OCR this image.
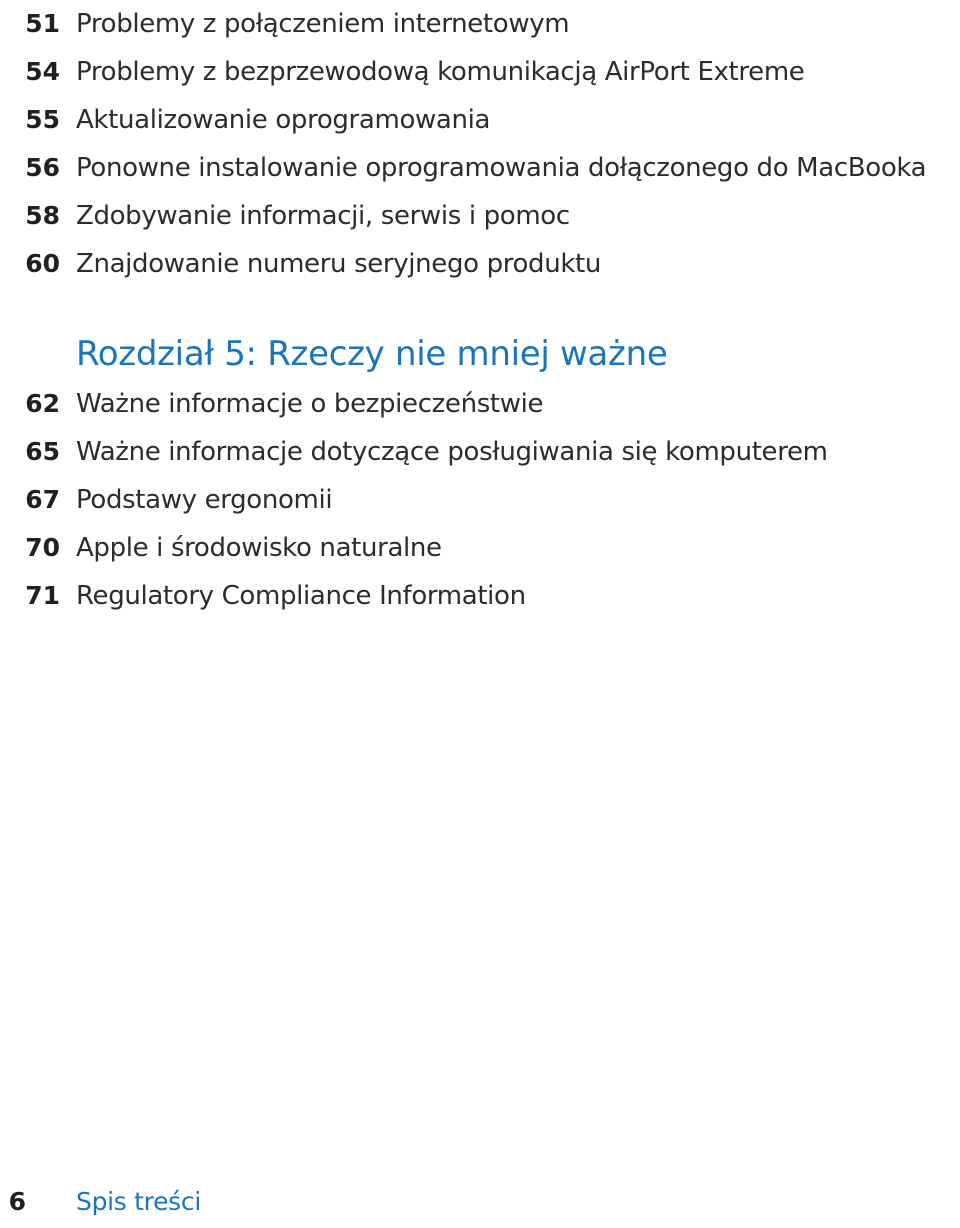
51 Problemy z połączeniem internetowym
54 Problemy z bezprzewodową komunikacją AirPort Extreme
55 Aktualizowanie oprogramowania
56 Ponowne instalowanie oprogramowania dołączonego do MacBooka
58 Zdobywanie informacji, serwis i pomoc
60 Znajdowanie numeru seryjnego produktu
Rozdział 5: Rzeczy nie mniej ważne
62 Ważne informacje o bezpieczeństwie
65 Ważne informacje dotyczące posługiwania się komputerem
67 Podstawy ergonomii
70 Apple i środowisko naturalne
71 Regulatory Compliance Information
6 Spis treści
